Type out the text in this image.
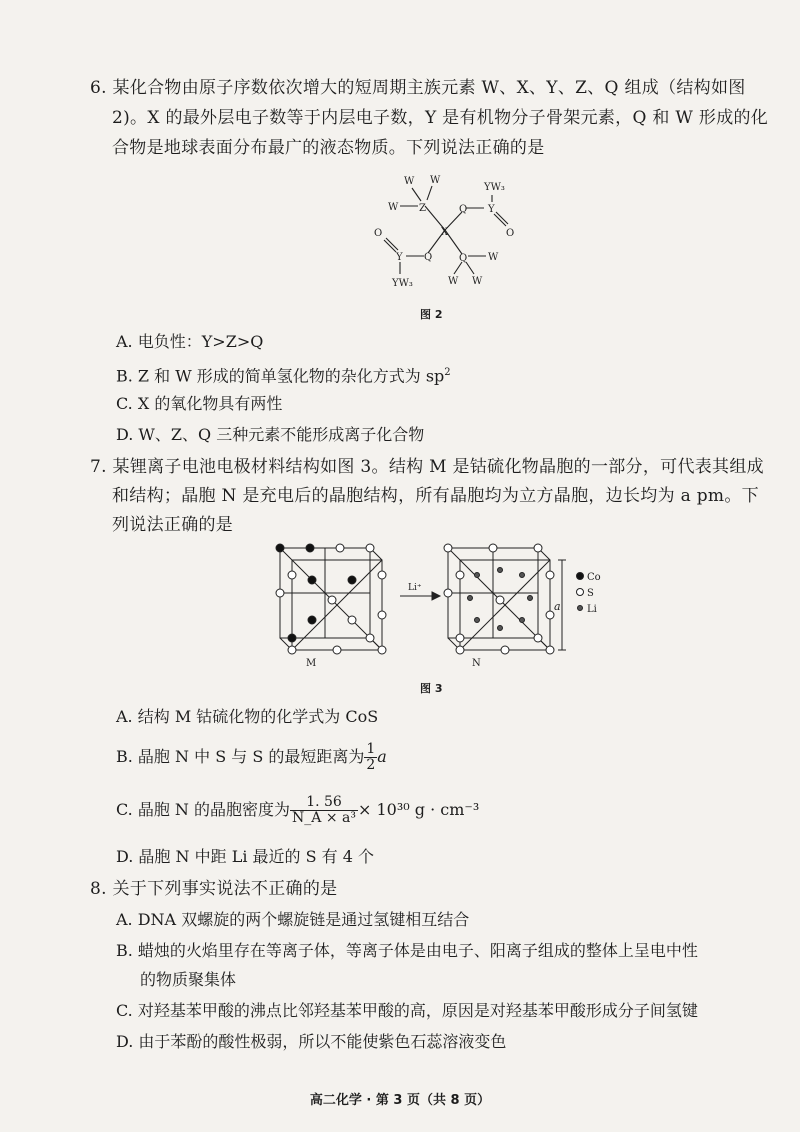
6. 某化合物由原子序数依次增大的短周期主族元素 W、X、Y、Z、Q 组成（结构如图
2)。X 的最外层电子数等于内层电子数，Y 是有机物分子骨架元素，Q 和 W 形成的化
合物是地球表面分布最广的液态物质。下列说法正确的是
W W
W Z
X
Q Y
YW₃
O
O
Y Q	Q W
W W
YW₃
图 2
A. 电负性：Y>Z>Q
B. Z 和 W 形成的简单氢化物的杂化方式为 $sp^2$
C. X 的氧化物具有两性
D. W、Z、Q 三种元素不能形成离子化合物
7. 某锂离子电池电极材料结构如图 3。结构 M 是钴硫化物晶胞的一部分，可代表其组成
和结构；晶胞 N 是充电后的晶胞结构，所有晶胞均为立方晶胞，边长均为 a pm。下
列说法正确的是
Li⁺
a
Co
S
Li
M	N
图 3
A. 结构 M 钴硫化物的化学式为 CoS
B. 晶胞 N 中 S 与 S 的最短距离为 $\frac{1}{2}$ a
C. 晶胞 N 的晶胞密度为 $\frac{1. 56}{\text{N\_A × a³}} \times 10^{30}$ g · cm⁻³
D. 晶胞 N 中距 Li 最近的 S 有 4 个
8. 关于下列事实说法不正确的是
A. DNA 双螺旋的两个螺旋链是通过氢键相互结合
B. 蜡烛的火焰里存在等离子体，等离子体是由电子、阳离子组成的整体上呈电中性
的物质聚集体
C. 对羟基苯甲酸的沸点比邻羟基苯甲酸的高，原因是对羟基苯甲酸形成分子间氢键
D. 由于苯酚的酸性极弱，所以不能使紫色石蕊溶液变色
高二化学 · 第 3 页（共 8 页）
